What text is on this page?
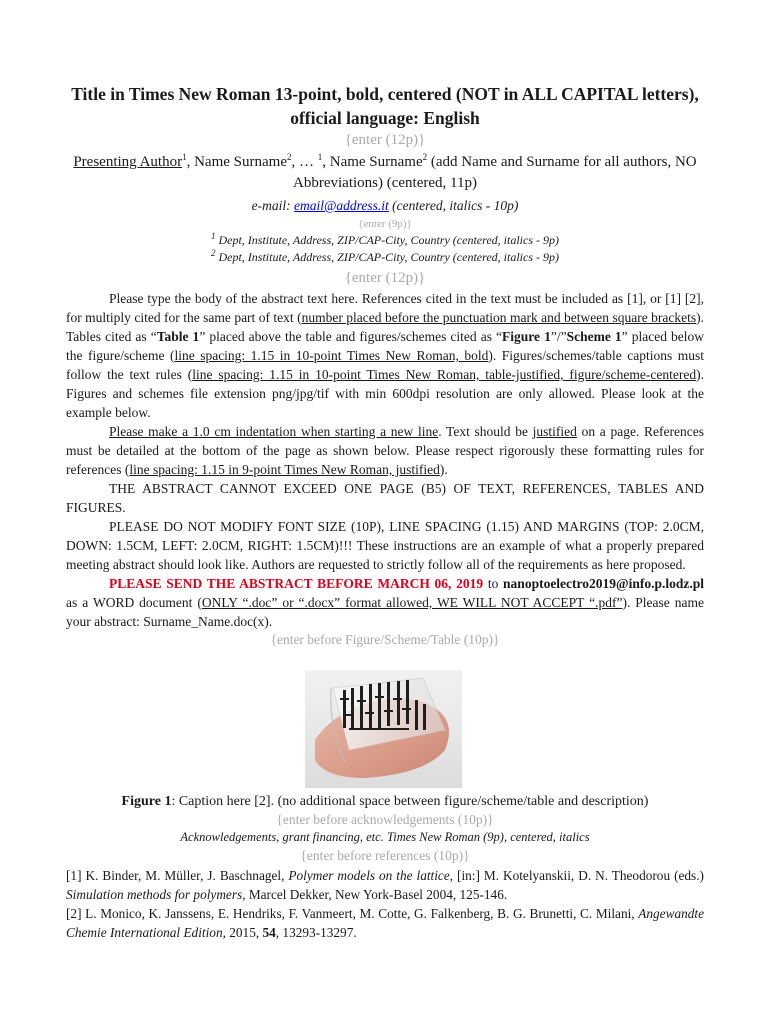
Title in Times New Roman 13-point, bold, centered (NOT in ALL CAPITAL letters), official language: English
{enter (12p)}
Presenting Author$^1$, Name Surname$^2$, … $^1$, Name Surname$^2$ (add Name and Surname for all authors, NO Abbreviations) (centered, 11p)
e-mail: email@address.it (centered, italics - 10p)
{enter (9p)}
$^1$ Dept, Institute, Address, ZIP/CAP-City, Country (centered, italics - 9p)
$^2$ Dept, Institute, Address, ZIP/CAP-City, Country (centered, italics - 9p)
{enter (12p)}

Please type the body of the abstract text here. References cited in the text must be included as [1], or [1] [2], for multiply cited for the same part of text (number placed before the punctuation mark and between square brackets). Tables cited as “Table 1” placed above the table and figures/schemes cited as “Figure 1”/”Scheme 1” placed below the figure/scheme (line spacing: 1.15 in 10-point Times New Roman, bold). Figures/schemes/table captions must follow the text rules (line spacing: 1.15 in 10-point Times New Roman, table-justified, figure/scheme-centered). Figures and schemes file extension png/jpg/tif with min 600dpi resolution are only allowed. Please look at the example below.

Please make a 1.0 cm indentation when starting a new line. Text should be justified on a page. References must be detailed at the bottom of the page as shown below. Please respect rigorously these formatting rules for references (line spacing: 1.15 in 9-point Times New Roman, justified).

THE ABSTRACT CANNOT EXCEED ONE PAGE (B5) OF TEXT, REFERENCES, TABLES AND FIGURES.

PLEASE DO NOT MODIFY FONT SIZE (10P), LINE SPACING (1.15) AND MARGINS (TOP: 2.0CM, DOWN: 1.5CM, LEFT: 2.0CM, RIGHT: 1.5CM)!!! These instructions are an example of what a properly prepared meeting abstract should look like. Authors are requested to strictly follow all of the requirements as here proposed.

PLEASE SEND THE ABSTRACT BEFORE MARCH 06, 2019 to nanoptoelectro2019@info.p.lodz.pl as a WORD document (ONLY “.doc” or “.docx” format allowed, WE WILL NOT ACCEPT “.pdf”). Please name your abstract: Surname_Name.doc(x).

{enter before Figure/Scheme/Table (10p)}
Figure 1: Caption here [2]. (no additional space between figure/scheme/table and description)
{enter before acknowledgements (10p)}
Acknowledgements, grant financing, etc. Times New Roman (9p), centered, italics
{enter before references (10p)}

[1] K. Binder, M. Müller, J. Baschnagel, Polymer models on the lattice, [in:] M. Kotelyanskii, D. N. Theodorou (eds.) Simulation methods for polymers, Marcel Dekker, New York-Basel 2004, 125-146.

[2] L. Monico, K. Janssens, E. Hendriks, F. Vanmeert, M. Cotte, G. Falkenberg, B. G. Brunetti, C. Milani, Angewandte Chemie International Edition, 2015, 54, 13293-13297.
